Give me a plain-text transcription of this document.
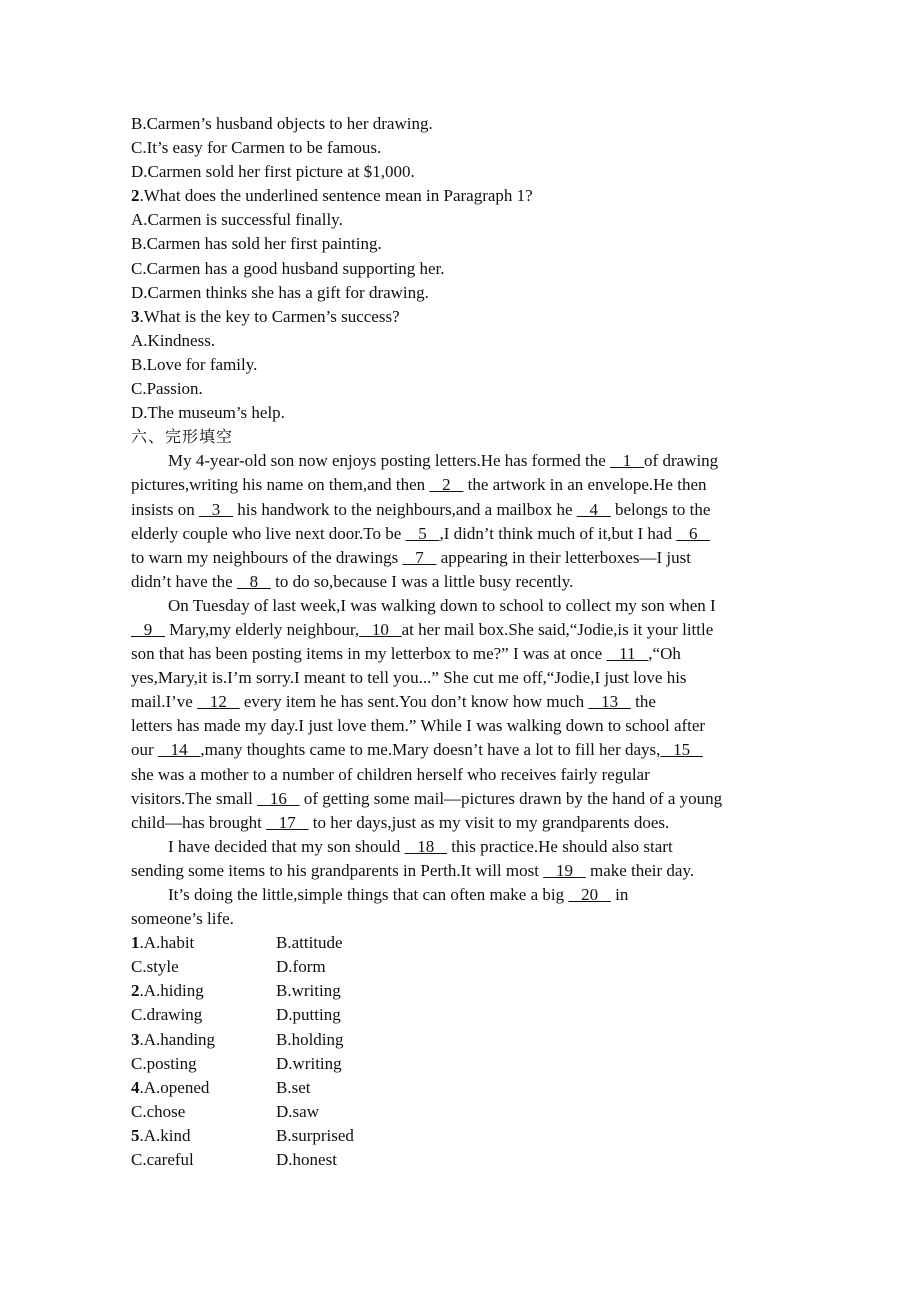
B.Carmen’s husband objects to her drawing.

C.It’s easy for Carmen to be famous.

D.Carmen sold her first picture at $1,000.

2.What does the underlined sentence mean in Paragraph 1?

A.Carmen is successful finally.

B.Carmen has sold her first painting.

C.Carmen has a good husband supporting her.

D.Carmen thinks she has a gift for drawing.

3.What is the key to Carmen’s success?

A.Kindness.

B.Love for family.

C.Passion.

D.The museum’s help.

六、完形填空

My 4-year-old son now enjoys posting letters.He has formed the    1   of drawing

pictures,writing his name on them,and then    2    the artwork in an envelope.He then

insists on    3    his handwork to the neighbours,and a mailbox he    4    belongs to the

elderly couple who live next door.To be    5   ,I didn’t think much of it,but I had    6

to warn my neighbours of the drawings    7    appearing in their letterboxes—I just

didn’t have the    8    to do so,because I was a little busy recently.

On Tuesday of last week,I was walking down to school to collect my son when I

9    Mary,my elderly neighbour,   10   at her mail box.She said,“Jodie,is it your little

son that has been posting items in my letterbox to me?” I was at once    11   ,“Oh

yes,Mary,it is.I’m sorry.I meant to tell you...” She cut me off,“Jodie,I just love his

mail.I’ve    12    every item he has sent.You don’t know how much    13    the

letters has made my day.I just love them.” While I was walking down to school after

our    14   ,many thoughts came to me.Mary doesn’t have a lot to fill her days,   15

she was a mother to a number of children herself who receives fairly regular

visitors.The small    16    of getting some mail—pictures drawn by the hand of a young

child—has brought    17    to her days,just as my visit to my grandparents does.

I have decided that my son should    18    this practice.He should also start

sending some items to his grandparents in Perth.It will most    19    make their day.

It’s doing the little,simple things that can often make a big    20    in

someone’s life.

1.A.habit	B.attitude
C.style	D.form
2.A.hiding	B.writing
C.drawing	D.putting
3.A.handing	B.holding
C.posting	D.writing
4.A.opened	B.set
C.chose	D.saw
5.A.kind	B.surprised
C.careful	D.honest
